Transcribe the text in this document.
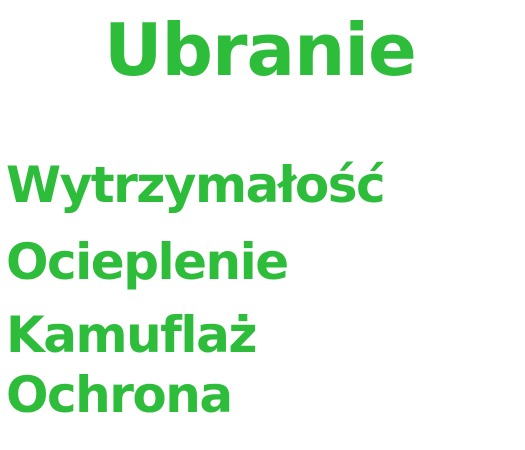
Ubranie
Wytrzymałość
Ocieplenie
Kamuflaż
Ochrona
